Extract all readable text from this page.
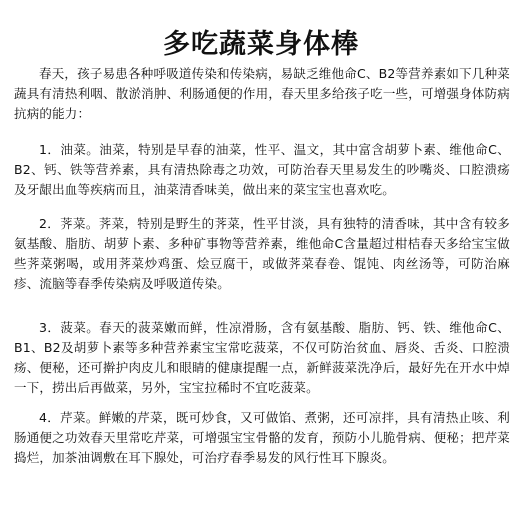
多吃蔬菜身体棒

春天，孩子易患各种呼吸道传染和传染病，易缺乏维他命C、B2等营养素如下几种菜蔬具有清热利咽、散淤消肿、利肠通便的作用，春天里多给孩子吃一些，可增强身体防病抗病的能力：

1．油菜。油菜，特别是早春的油菜，性平、温文，其中富含胡萝卜素、维他命C、B2、钙、铁等营养素，具有清热除毒之功效，可防治春天里易发生的吵嘴炎、口腔溃疡及牙龈出血等疾病而且，油菜清香味美，做出来的菜宝宝也喜欢吃。

2．荠菜。荠菜，特别是野生的荠菜，性平甘淡，具有独特的清香味，其中含有较多氨基酸、脂肪、胡萝卜素、多种矿事物等营养素，维他命C含量超过柑桔春天多给宝宝做些荠菜粥喝，或用荠菜炒鸡蛋、烩豆腐干，或做荠菜春卷、馄饨、肉丝汤等，可防治麻疹、流脑等春季传染病及呼吸道传染。

3．菠菜。春天的菠菜嫩而鲜，性凉滑肠，含有氨基酸、脂肪、钙、铁、维他命C、B1、B2及胡萝卜素等多种营养素宝宝常吃菠菜，不仅可防治贫血、唇炎、舌炎、口腔溃疡、便秘，还可擀护肉皮儿和眼睛的健康提醒一点，新鲜菠菜洗净后，最好先在开水中焯一下，捞出后再做菜，另外，宝宝拉稀时不宜吃菠菜。

4．芹菜。鲜嫩的芹菜，既可炒食，又可做馅、煮粥，还可凉拌，具有清热止咳、利肠通便之功效春天里常吃芹菜，可增强宝宝骨骼的发育，预防小儿脆骨病、便秘；把芹菜捣烂，加茶油调敷在耳下腺处，可治疗春季易发的风行性耳下腺炎。
